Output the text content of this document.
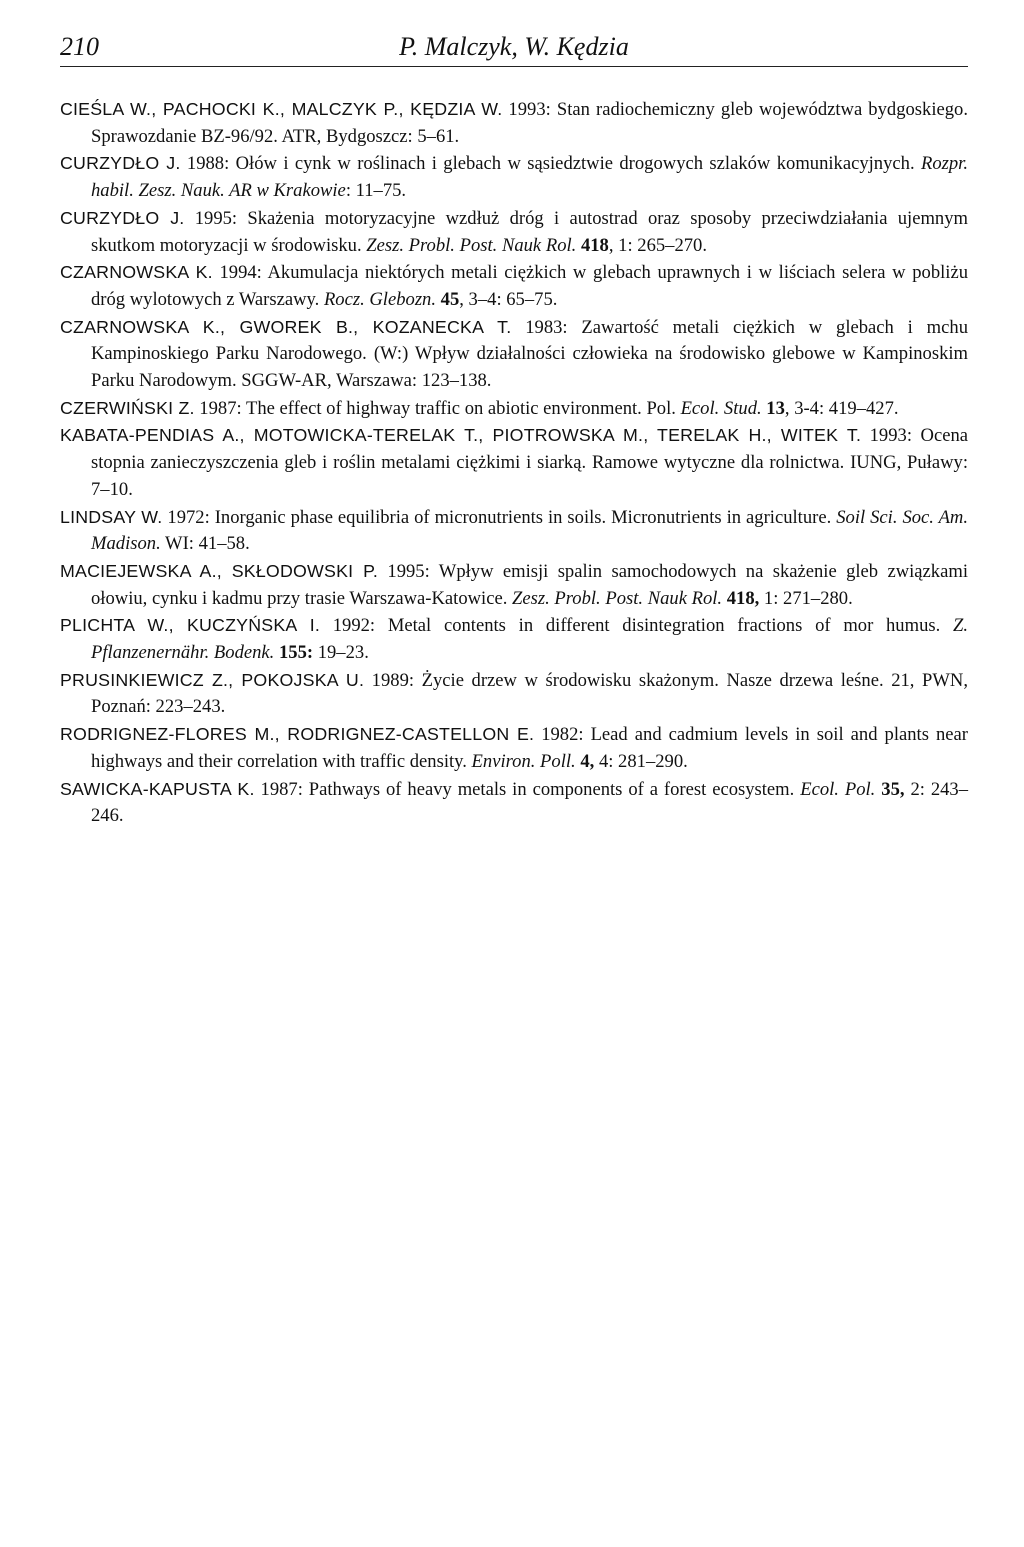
210	P. Malczyk, W. Kędzia
CIEŚLA W., PACHOCKI K., MALCZYK P., KĘDZIA W. 1993: Stan radiochemiczny gleb województwa bydgoskiego. Sprawozdanie BZ-96/92. ATR, Bydgoszcz: 5–61.
CURZYDŁO J. 1988: Ołów i cynk w roślinach i glebach w sąsiedztwie drogowych szlaków komunikacyjnych. Rozpr. habil. Zesz. Nauk. AR w Krakowie: 11–75.
CURZYDŁO J. 1995: Skażenia motoryzacyjne wzdłuż dróg i autostrad oraz sposoby przeciwdziałania ujemnym skutkom motoryzacji w środowisku. Zesz. Probl. Post. Nauk Rol. 418, 1: 265–270.
CZARNOWSKA K. 1994: Akumulacja niektórych metali ciężkich w glebach uprawnych i w liściach selera w pobliżu dróg wylotowych z Warszawy. Rocz. Glebozn. 45, 3–4: 65–75.
CZARNOWSKA K., GWOREK B., KOZANECKA T. 1983: Zawartość metali ciężkich w glebach i mchu Kampinoskiego Parku Narodowego. (W:) Wpływ działalności człowieka na środowisko glebowe w Kampinoskim Parku Narodowym. SGGW-AR, Warszawa: 123–138.
CZERWIŃSKI Z. 1987: The effect of highway traffic on abiotic environment. Pol. Ecol. Stud. 13, 3-4: 419–427.
KABATA-PENDIAS A., MOTOWICKA-TERELAK T., PIOTROWSKA M., TERELAK H., WITEK T. 1993: Ocena stopnia zanieczyszczenia gleb i roślin metalami ciężkimi i siarką. Ramowe wytyczne dla rolnictwa. IUNG, Puławy: 7–10.
LINDSAY W. 1972: Inorganic phase equilibria of micronutrients in soils. Micronutrients in agriculture. Soil Sci. Soc. Am. Madison. WI: 41–58.
MACIEJEWSKA A., SKŁODOWSKI P. 1995: Wpływ emisji spalin samochodowych na skażenie gleb związkami ołowiu, cynku i kadmu przy trasie Warszawa-Katowice. Zesz. Probl. Post. Nauk Rol. 418, 1: 271–280.
PLICHTA W., KUCZYŃSKA I. 1992: Metal contents in different disintegration fractions of mor humus. Z. Pflanzenernähr. Bodenk. 155: 19–23.
PRUSINKIEWICZ Z., POKOJSKA U. 1989: Życie drzew w środowisku skażonym. Nasze drzewa leśne. 21, PWN, Poznań: 223–243.
RODRIGNEZ-FLORES M., RODRIGNEZ-CASTELLON E. 1982: Lead and cadmium levels in soil and plants near highways and their correlation with traffic density. Environ. Poll. 4, 4: 281–290.
SAWICKA-KAPUSTA K. 1987: Pathways of heavy metals in components of a forest ecosystem. Ecol. Pol. 35, 2: 243–246.
